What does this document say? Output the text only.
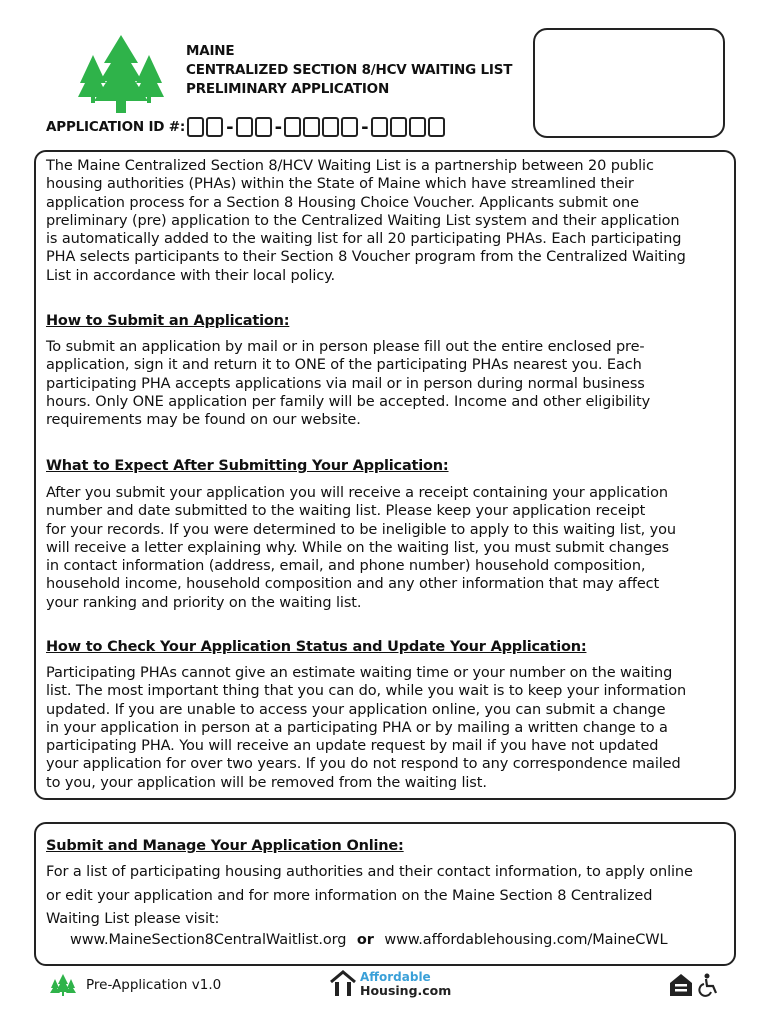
MAINE
CENTRALIZED SECTION 8/HCV WAITING LIST
PRELIMINARY APPLICATION
APPLICATION ID #: - -	-
The Maine Centralized Section 8/HCV Waiting List is a partnership between 20 public
housing authorities (PHAs) within the State of Maine which have streamlined their
application process for a Section 8 Housing Choice Voucher. Applicants submit one
preliminary (pre) application to the Centralized Waiting List system and their application
is automatically added to the waiting list for all 20 participating PHAs. Each participating
PHA selects participants to their Section 8 Voucher program from the Centralized Waiting
List in accordance with their local policy.
How to Submit an Application:
To submit an application by mail or in person please fill out the entire enclosed pre-
application, sign it and return it to ONE of the participating PHAs nearest you. Each
participating PHA accepts applications via mail or in person during normal business
hours. Only ONE application per family will be accepted. Income and other eligibility
requirements may be found on our website.
What to Expect After Submitting Your Application:
After you submit your application you will receive a receipt containing your application
number and date submitted to the waiting list. Please keep your application receipt
for your records. If you were determined to be ineligible to apply to this waiting list, you
will receive a letter explaining why. While on the waiting list, you must submit changes
in contact information (address, email, and phone number) household composition,
household income, household composition and any other information that may affect
your ranking and priority on the waiting list.
How to Check Your Application Status and Update Your Application:
Participating PHAs cannot give an estimate waiting time or your number on the waiting
list. The most important thing that you can do, while you wait is to keep your information
updated. If you are unable to access your application online, you can submit a change
in your application in person at a participating PHA or by mailing a written change to a
participating PHA. You will receive an update request by mail if you have not updated
your application for over two years. If you do not respond to any correspondence mailed
to you, your application will be removed from the waiting list.
Submit and Manage Your Application Online:
For a list of participating housing authorities and their contact information, to apply online
or edit your application and for more information on the Maine Section 8 Centralized
Waiting List please visit:
www.MaineSection8CentralWaitlist.org or www.affordablehousing.com/MaineCWL
Pre-Application v1.0	Affordable
Housing.com
